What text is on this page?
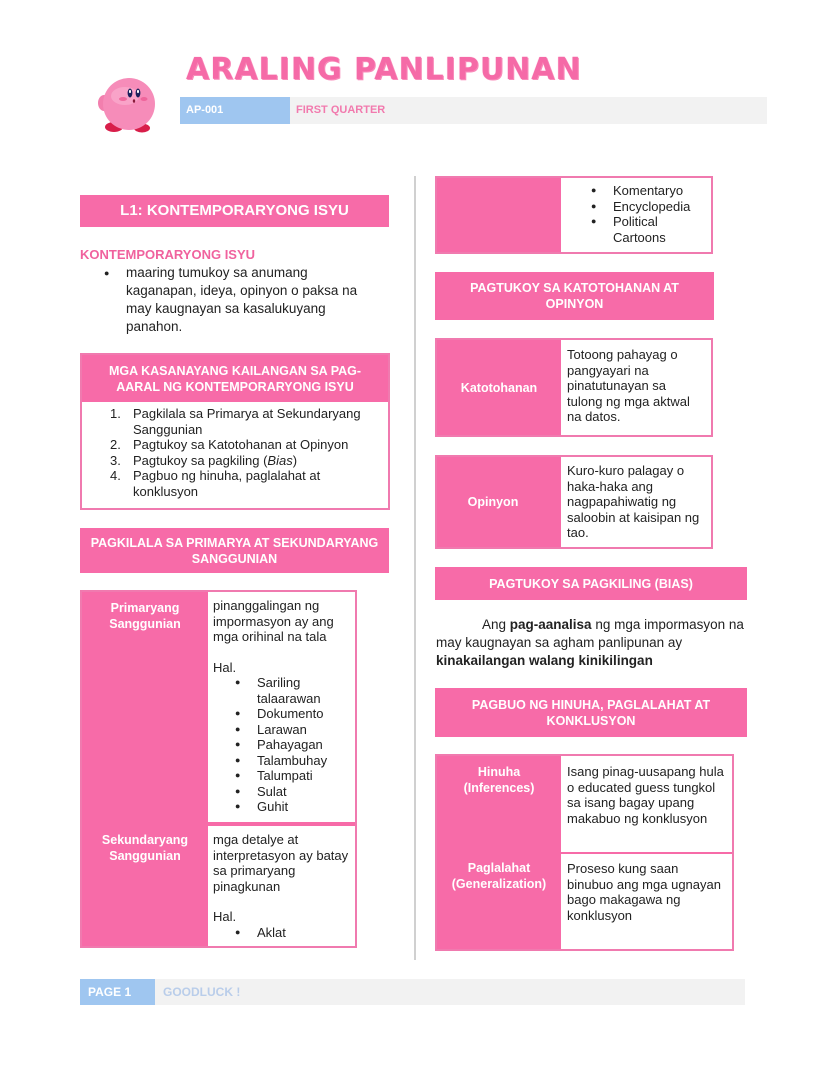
ARALING PANLIPUNAN
AP-001	FIRST QUARTER
L1: KONTEMPORARYONG ISYU
KONTEMPORARYONG ISYU
● maaring tumukoy sa anumang kaganapan, ideya, opinyon o paksa na may kaugnayan sa kasalukuyang panahon.
MGA KASANAYANG KAILANGAN SA PAG-AARAL NG KONTEMPORARYONG ISYU
1. Pagkilala sa Primarya at Sekundaryang Sanggunian
2. Pagtukoy sa Katotohanan at Opinyon
3. Pagtukoy sa pagkiling (Bias)
4. Pagbuo ng hinuha, paglalahat at konklusyon
PAGKILALA SA PRIMARYA AT SEKUNDARYANG SANGGUNIAN
Primaryang Sanggunian
pinanggalingan ng impormasyon ay ang mga orihinal na tala
Hal.
● Sariling talaarawan
● Dokumento
● Larawan
● Pahayagan
● Talambuhay
● Talumpati
● Sulat
● Guhit
Sekundaryang Sanggunian
mga detalye at interpretasyon ay batay sa primaryang pinagkunan
Hal.
● Aklat
● Komentaryo
● Encyclopedia
● Political Cartoons
PAGTUKOY SA KATOTOHANAN AT OPINYON
Katotohanan
Totoong pahayag o pangyayari na pinatutunayan sa tulong ng mga aktwal na datos.
Opinyon
Kuro-kuro palagay o haka-haka ang nagpapahiwatig ng saloobin at kaisipan ng tao.
PAGTUKOY SA PAGKILING (BIAS)
Ang pag-aanalisa ng mga impormasyon na may kaugnayan sa agham panlipunan ay kinakailangan walang kinikilingan
PAGBUO NG HINUHA, PAGLALAHAT AT KONKLUSYON
Hinuha (Inferences)
Isang pinag-uusapang hula o educated guess tungkol sa isang bagay upang makabuo ng konklusyon
Paglalahat (Generalization)
Proseso kung saan binubuo ang mga ugnayan bago makagawa ng konklusyon
PAGE 1	GOODLUCK !
